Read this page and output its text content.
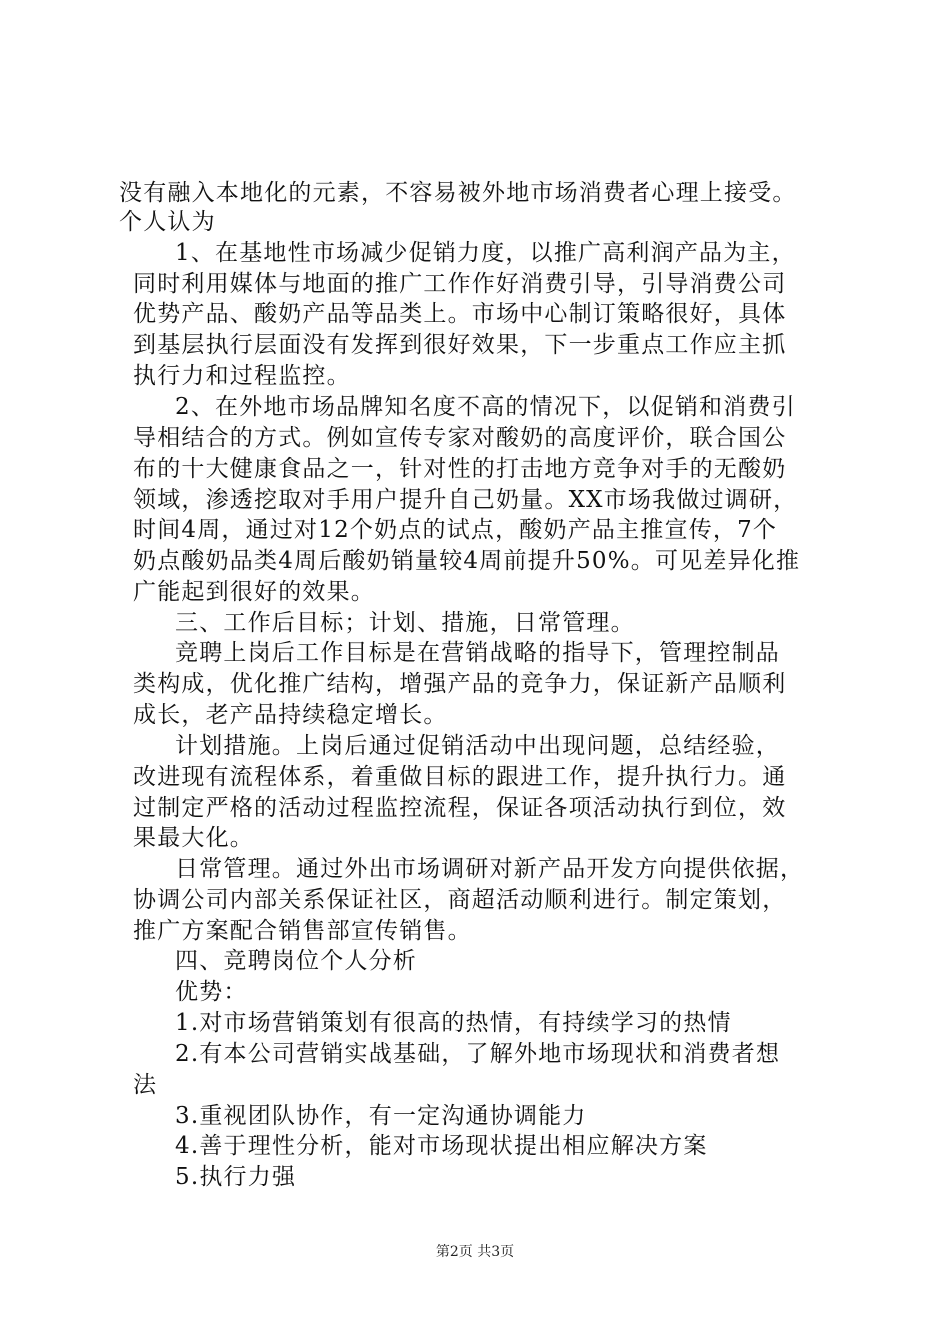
没有融入本地化的元素，不容易被外地市场消费者心理上接受。
个人认为
1、在基地性市场减少促销力度，以推广高利润产品为主，
同时利用媒体与地面的推广工作作好消费引导，引导消费公司
优势产品、酸奶产品等品类上。市场中心制订策略很好，具体
到基层执行层面没有发挥到很好效果，下一步重点工作应主抓
执行力和过程监控。
2、在外地市场品牌知名度不高的情况下，以促销和消费引
导相结合的方式。例如宣传专家对酸奶的高度评价，联合国公
布的十大健康食品之一，针对性的打击地方竞争对手的无酸奶
领域，渗透挖取对手用户提升自己奶量。XX市场我做过调研，
时间4周，通过对12个奶点的试点，酸奶产品主推宣传，7个
奶点酸奶品类4周后酸奶销量较4周前提升50%。可见差异化推
广能起到很好的效果。
三、工作后目标；计划、措施，日常管理。
竞聘上岗后工作目标是在营销战略的指导下，管理控制品
类构成，优化推广结构，增强产品的竞争力，保证新产品顺利
成长，老产品持续稳定增长。
计划措施。上岗后通过促销活动中出现问题，总结经验，
改进现有流程体系，着重做目标的跟进工作，提升执行力。通
过制定严格的活动过程监控流程，保证各项活动执行到位，效
果最大化。
日常管理。通过外出市场调研对新产品开发方向提供依据，
协调公司内部关系保证社区，商超活动顺利进行。制定策划，
推广方案配合销售部宣传销售。
四、竞聘岗位个人分析
优势：
1.对市场营销策划有很高的热情，有持续学习的热情
2.有本公司营销实战基础，了解外地市场现状和消费者想
法
3.重视团队协作，有一定沟通协调能力
4.善于理性分析，能对市场现状提出相应解决方案
5.执行力强
第2页 共3页
